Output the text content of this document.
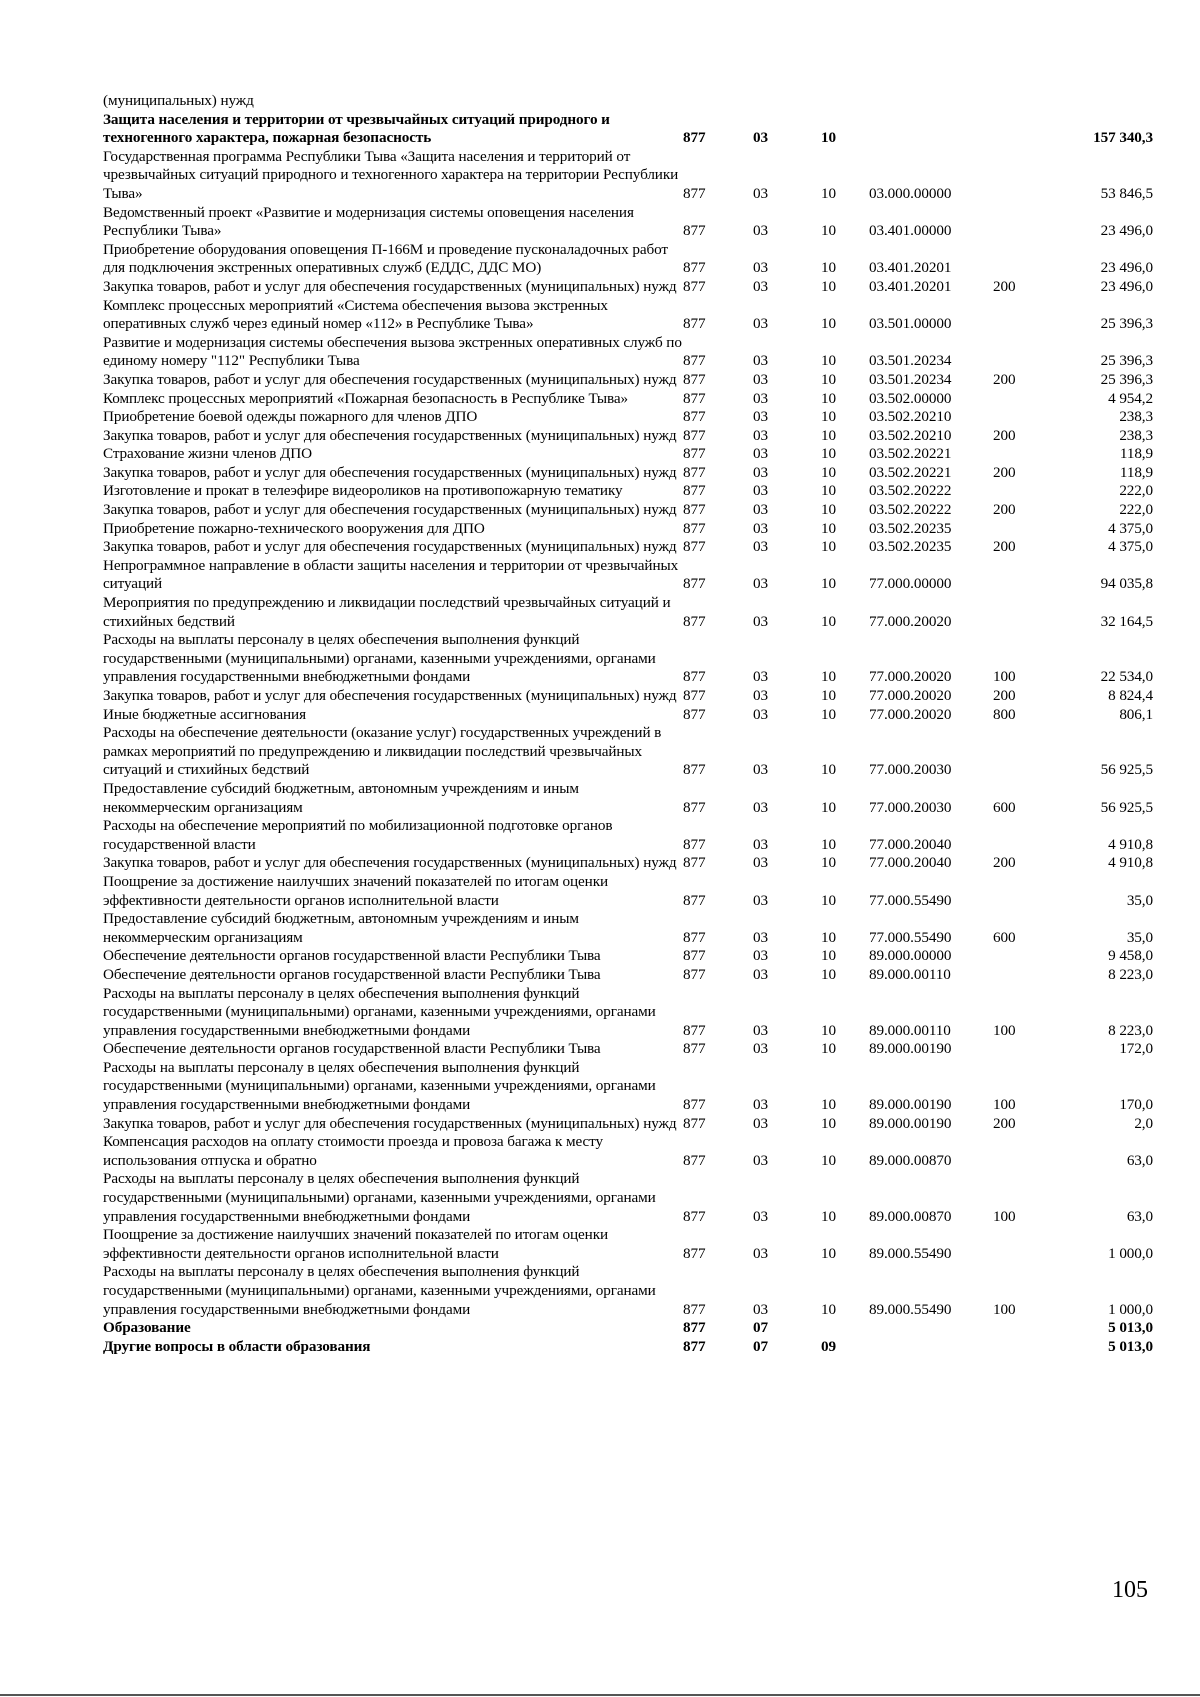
(муниципальных) нужд						
Защита населения и территории от чрезвычайных ситуаций природного и техногенного характера, пожарная безопасность	877	03	10			157 340,3
Государственная программа Республики Тыва «Защита населения и территорий от чрезвычайных ситуаций природного и техногенного характера на территории Республики Тыва»	877	03	10	03.000.00000		53 846,5
Ведомственный проект «Развитие и модернизация системы оповещения населения Республики Тыва»	877	03	10	03.401.00000		23 496,0
Приобретение оборудования оповещения П-166М и проведение пусконаладочных работ для подключения экстренных оперативных служб (ЕДДС, ДДС МО)	877	03	10	03.401.20201		23 496,0
Закупка товаров, работ и услуг для обеспечения государственных (муниципальных) нужд	877	03	10	03.401.20201	200	23 496,0
Комплекс процессных мероприятий «Система обеспечения вызова экстренных оперативных служб через единый номер «112» в Республике Тыва»	877	03	10	03.501.00000		25 396,3
Развитие и модернизация системы обеспечения вызова экстренных оперативных служб по единому номеру "112" Республики Тыва	877	03	10	03.501.20234		25 396,3
Закупка товаров, работ и услуг для обеспечения государственных (муниципальных) нужд	877	03	10	03.501.20234	200	25 396,3
Комплекс процессных мероприятий «Пожарная безопасность в Республике Тыва»	877	03	10	03.502.00000		4 954,2
Приобретение боевой одежды пожарного для членов ДПО	877	03	10	03.502.20210		238,3
Закупка товаров, работ и услуг для обеспечения государственных (муниципальных) нужд	877	03	10	03.502.20210	200	238,3
Страхование жизни членов ДПО	877	03	10	03.502.20221		118,9
Закупка товаров, работ и услуг для обеспечения государственных (муниципальных) нужд	877	03	10	03.502.20221	200	118,9
Изготовление и прокат в телеэфире видеороликов на противопожарную тематику	877	03	10	03.502.20222		222,0
Закупка товаров, работ и услуг для обеспечения государственных (муниципальных) нужд	877	03	10	03.502.20222	200	222,0
Приобретение пожарно-технического вооружения для ДПО	877	03	10	03.502.20235		4 375,0
Закупка товаров, работ и услуг для обеспечения государственных (муниципальных) нужд	877	03	10	03.502.20235	200	4 375,0
Непрограммное направление в области защиты населения и территории от чрезвычайных ситуаций	877	03	10	77.000.00000		94 035,8
Мероприятия по предупреждению и ликвидации последствий чрезвычайных ситуаций и стихийных бедствий	877	03	10	77.000.20020		32 164,5
Расходы на выплаты персоналу в целях обеспечения выполнения функций государственными (муниципальными) органами, казенными учреждениями, органами управления государственными внебюджетными фондами	877	03	10	77.000.20020	100	22 534,0
Закупка товаров, работ и услуг для обеспечения государственных (муниципальных) нужд	877	03	10	77.000.20020	200	8 824,4
Иные бюджетные ассигнования	877	03	10	77.000.20020	800	806,1
Расходы на обеспечение деятельности (оказание услуг) государственных учреждений в рамках мероприятий по предупреждению и ликвидации последствий чрезвычайных ситуаций и стихийных бедствий	877	03	10	77.000.20030		56 925,5
Предоставление субсидий бюджетным, автономным учреждениям и иным некоммерческим организациям	877	03	10	77.000.20030	600	56 925,5
Расходы на обеспечение мероприятий по мобилизационной подготовке органов государственной власти	877	03	10	77.000.20040		4 910,8
Закупка товаров, работ и услуг для обеспечения государственных (муниципальных) нужд	877	03	10	77.000.20040	200	4 910,8
Поощрение за достижение наилучших значений показателей по итогам оценки эффективности деятельности органов исполнительной власти	877	03	10	77.000.55490		35,0
Предоставление субсидий бюджетным, автономным учреждениям и иным некоммерческим организациям	877	03	10	77.000.55490	600	35,0
Обеспечение деятельности органов государственной власти Республики Тыва	877	03	10	89.000.00000		9 458,0
Обеспечение деятельности органов государственной власти Республики Тыва	877	03	10	89.000.00110		8 223,0
Расходы на выплаты персоналу в целях обеспечения выполнения функций государственными (муниципальными) органами, казенными учреждениями, органами управления государственными внебюджетными фондами	877	03	10	89.000.00110	100	8 223,0
Обеспечение деятельности органов государственной власти Республики Тыва	877	03	10	89.000.00190		172,0
Расходы на выплаты персоналу в целях обеспечения выполнения функций государственными (муниципальными) органами, казенными учреждениями, органами управления государственными внебюджетными фондами	877	03	10	89.000.00190	100	170,0
Закупка товаров, работ и услуг для обеспечения государственных (муниципальных) нужд	877	03	10	89.000.00190	200	2,0
Компенсация расходов на оплату стоимости проезда и провоза багажа к месту использования отпуска и обратно	877	03	10	89.000.00870		63,0
Расходы на выплаты персоналу в целях обеспечения выполнения функций государственными (муниципальными) органами, казенными учреждениями, органами управления государственными внебюджетными фондами	877	03	10	89.000.00870	100	63,0
Поощрение за достижение наилучших значений показателей по итогам оценки эффективности деятельности органов исполнительной власти	877	03	10	89.000.55490		1 000,0
Расходы на выплаты персоналу в целях обеспечения выполнения функций государственными (муниципальными) органами, казенными учреждениями, органами управления государственными внебюджетными фондами	877	03	10	89.000.55490	100	1 000,0
Образование	877	07				5 013,0
Другие вопросы в области образования	877	07	09			5 013,0
105
